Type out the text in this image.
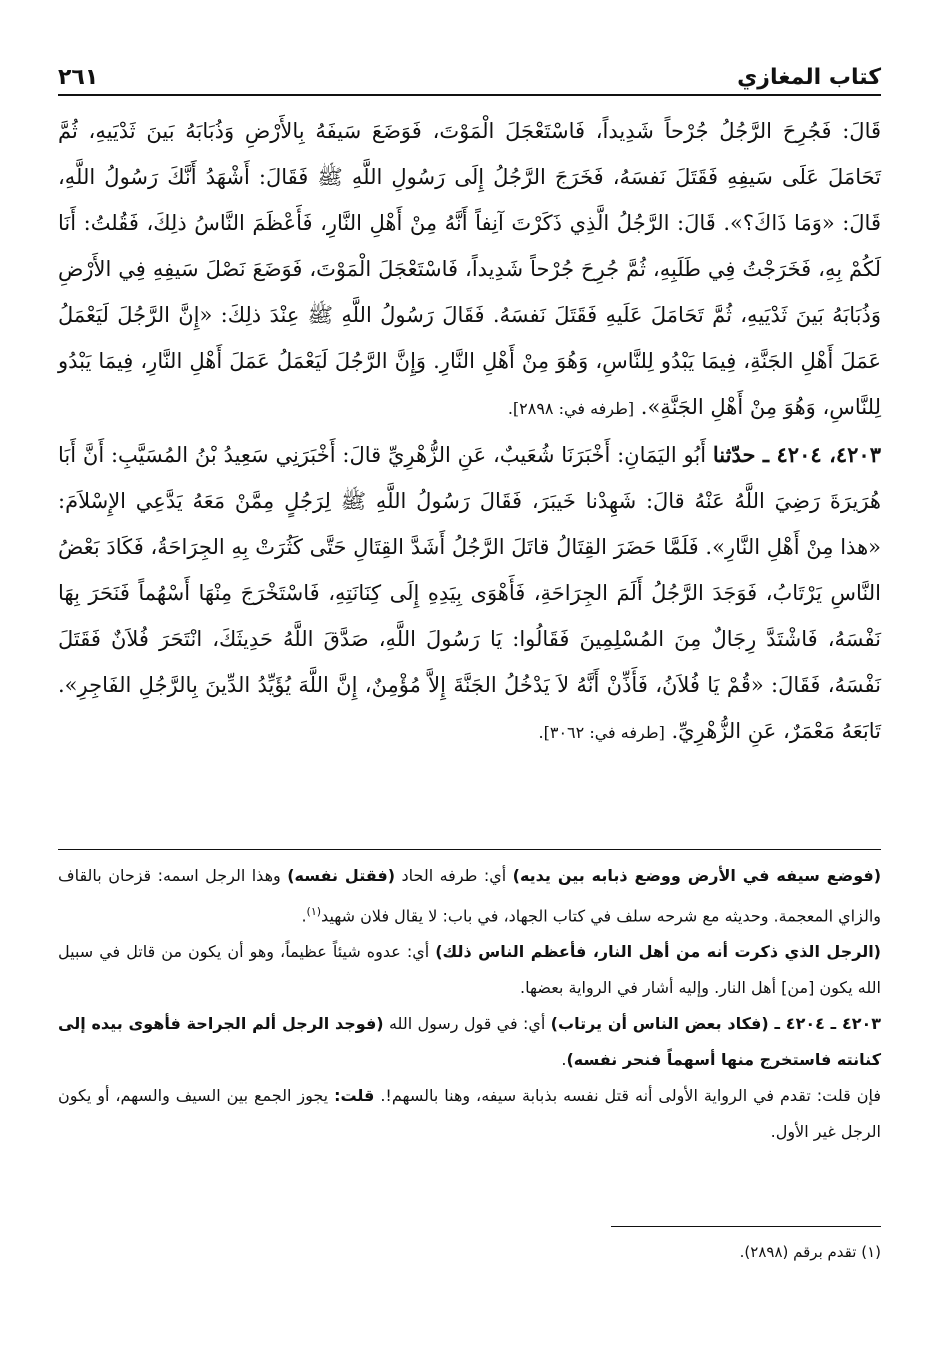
كتاب المغازي
٢٦١

قَالَ: فَجُرِحَ الرَّجُلُ جُرْحاً شَدِيداً، فَاسْتَعْجَلَ الْمَوْتَ، فَوَضَعَ سَيفَهُ بِالأَرْضِ وَذُبَابَهُ بَينَ ثَدْيَيهِ، ثُمَّ تَحَامَلَ عَلَى سَيفِهِ فَقَتَلَ نَفسَهُ، فَخَرَجَ الرَّجُلُ إِلَى رَسُولِ اللَّهِ ﷺ فَقَالَ: أَشْهَدُ أَنَّكَ رَسُولُ اللَّهِ، قَالَ: «وَمَا ذَاكَ؟». قَالَ: الرَّجُلُ الَّذِي ذَكَرْتَ آنِفاً أَنَّهُ مِنْ أَهْلِ النَّارِ، فَأَعْظَمَ النَّاسُ ذلِكَ، فَقُلتُ: أَنَا لَكُمْ بِهِ، فَخَرَجْتُ فِي طَلَبِهِ، ثُمَّ جُرِحَ جُرْحاً شَدِيداً، فَاسْتَعْجَلَ الْمَوْتَ، فَوَضَعَ نَصْلَ سَيفِهِ فِي الأَرْضِ وَذُبَابَهُ بَينَ ثَدْيَيهِ، ثُمَّ تَحَامَلَ عَلَيهِ فَقَتَلَ نَفسَهُ. فَقَالَ رَسُولُ اللَّهِ ﷺ عِنْدَ ذلِكَ: «إِنَّ الرَّجُلَ لَيَعْمَلُ عَمَلَ أَهْلِ الجَنَّةِ، فِيمَا يَبْدُو لِلنَّاسِ، وَهُوَ مِنْ أَهْلِ النَّارِ. وَإِنَّ الرَّجُلَ لَيَعْمَلُ عَمَلَ أَهْلِ النَّارِ، فِيمَا يَبْدُو لِلنَّاسِ، وَهُوَ مِنْ أَهْلِ الجَنَّةِ». [طرفه في: ٢٨٩٨].

٤٢٠٣، ٤٢٠٤ ـ حدّثنا أَبُو اليَمَانِ: أَخْبَرَنَا شُعَيبٌ، عَنِ الزُّهْرِيِّ قالَ: أَخْبَرَنِي سَعِيدُ بْنُ المُسَيَّبِ: أَنَّ أَبَا هُرَيرَةَ رَضِيَ اللَّهُ عَنْهُ قالَ: شَهِدْنا خَيبَرَ، فَقَالَ رَسُولُ اللَّهِ ﷺ لِرَجُلٍ مِمَّنْ مَعَهُ يَدَّعِي الإِسْلاَمَ: «هذا مِنْ أَهْلِ النَّارِ». فَلَمَّا حَضَرَ القِتَالُ قاتَلَ الرَّجُلُ أَشَدَّ القِتَالِ حَتَّى كَثُرَتْ بِهِ الجِرَاحَةُ، فَكَادَ بَعْضُ النَّاسِ يَرْتَابُ، فَوَجَدَ الرَّجُلُ أَلَمَ الجِرَاحَةِ، فَأَهْوَى بِيَدِهِ إِلَى كِنَانَتِهِ، فَاسْتَخْرَجَ مِنْهَا أَسْهُماً فَنَحَرَ بِهَا نَفْسَهُ، فَاشْتَدَّ رِجَالٌ مِنَ المُسْلِمِينَ فَقَالُوا: يَا رَسُولَ اللَّهِ، صَدَّقَ اللَّهُ حَدِيثَكَ، انْتَحَرَ فُلاَنٌ فَقَتَلَ نَفْسَهُ، فَقَالَ: «قُمْ يَا فُلاَنُ، فَأَذِّنْ أَنَّهُ لاَ يَدْخُلُ الجَنَّةَ إِلاَّ مُؤْمِنٌ، إِنَّ اللَّهَ يُؤَيِّدُ الدِّينَ بِالرَّجُلِ الفَاجِرِ». تَابَعَهُ مَعْمَرٌ، عَنِ الزُّهْرِيِّ. [طرفه في: ٣٠٦٢].

(فوضع سيفه في الأرض ووضع ذبابه بين يديه) أي: طرفه الحاد (فقتل نفسه) وهذا الرجل اسمه: قزحان بالقاف والزاي المعجمة. وحديثه مع شرحه سلف في كتاب الجهاد، في باب: لا يقال فلان شهيد$^{(١)}$.

(الرجل الذي ذكرت أنه من أهل النار، فأعظم الناس ذلك) أي: عدوه شيئاً عظيماً، وهو أن يكون من قاتل في سبيل الله يكون [من] أهل النار. وإليه أشار في الرواية بعضها.

٤٢٠٣ ـ ٤٢٠٤ ـ (فكاد بعض الناس أن يرتاب) أي: في قول رسول الله (فوجد الرجل ألم الجراحة فأهوى بيده إلى كنانته فاستخرج منها أسهماً فنحر نفسه).

فإن قلت: تقدم في الرواية الأولى أنه قتل نفسه بذبابة سيفه، وهنا بالسهم!. قلت: يجوز الجمع بين السيف والسهم، أو يكون الرجل غير الأول.

(١) تقدم برقم (٢٨٩٨).
